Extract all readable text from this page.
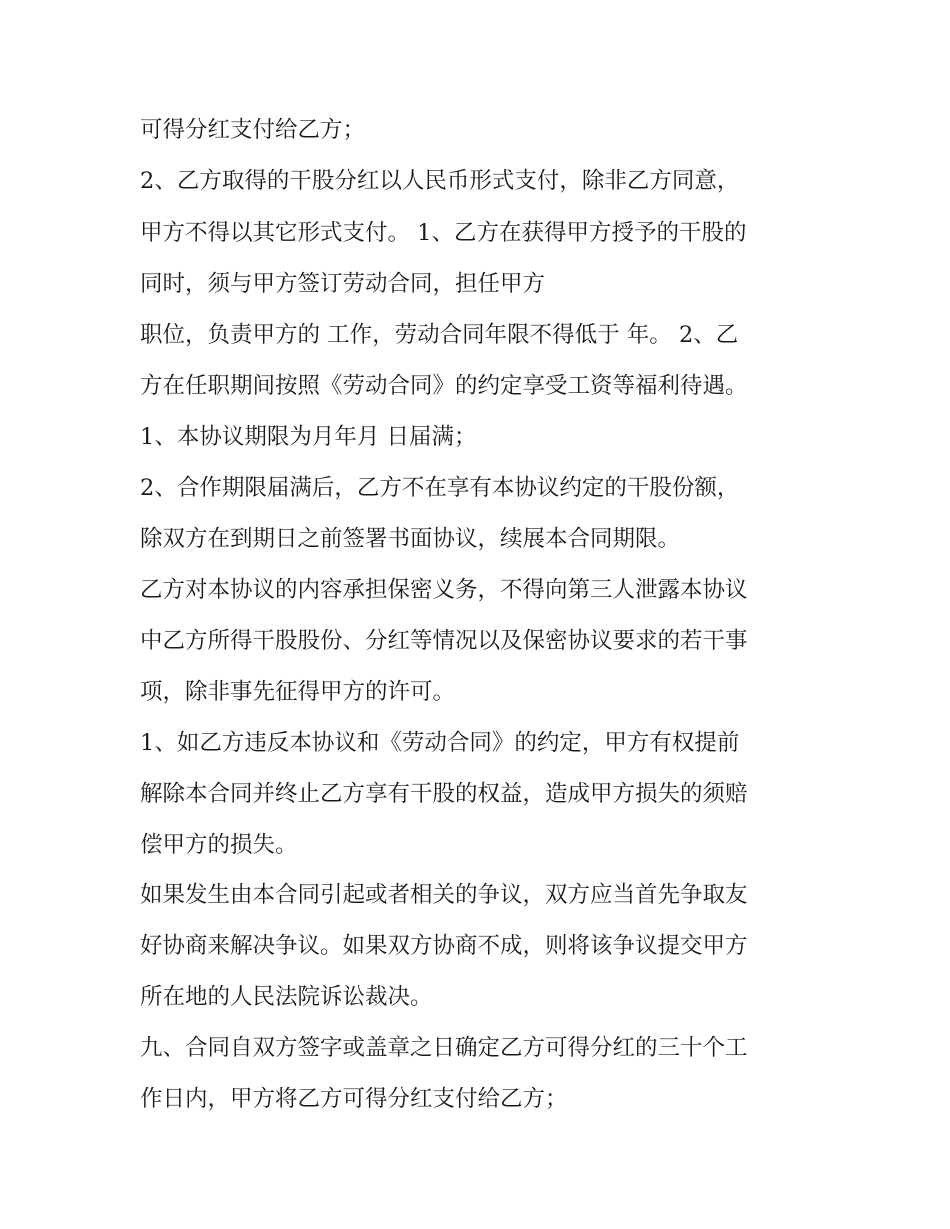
可得分红支付给乙方；
2、乙方取得的干股分红以人民币形式支付，除非乙方同意，
甲方不得以其它形式支付。 1、乙方在获得甲方授予的干股的
同时，须与甲方签订劳动合同，担任甲方
职位，负责甲方的 工作，劳动合同年限不得低于 年。 2、乙
方在任职期间按照《劳动合同》的约定享受工资等福利待遇。
1、本协议期限为月年月 日届满；
2、合作期限届满后，乙方不在享有本协议约定的干股份额，
除双方在到期日之前签署书面协议，续展本合同期限。
乙方对本协议的内容承担保密义务，不得向第三人泄露本协议
中乙方所得干股股份、分红等情况以及保密协议要求的若干事
项，除非事先征得甲方的许可。
1、如乙方违反本协议和《劳动合同》的约定，甲方有权提前
解除本合同并终止乙方享有干股的权益，造成甲方损失的须赔
偿甲方的损失。
如果发生由本合同引起或者相关的争议，双方应当首先争取友
好协商来解决争议。如果双方协商不成，则将该争议提交甲方
所在地的人民法院诉讼裁决。
九、合同自双方签字或盖章之日确定乙方可得分红的三十个工
作日内，甲方将乙方可得分红支付给乙方；
